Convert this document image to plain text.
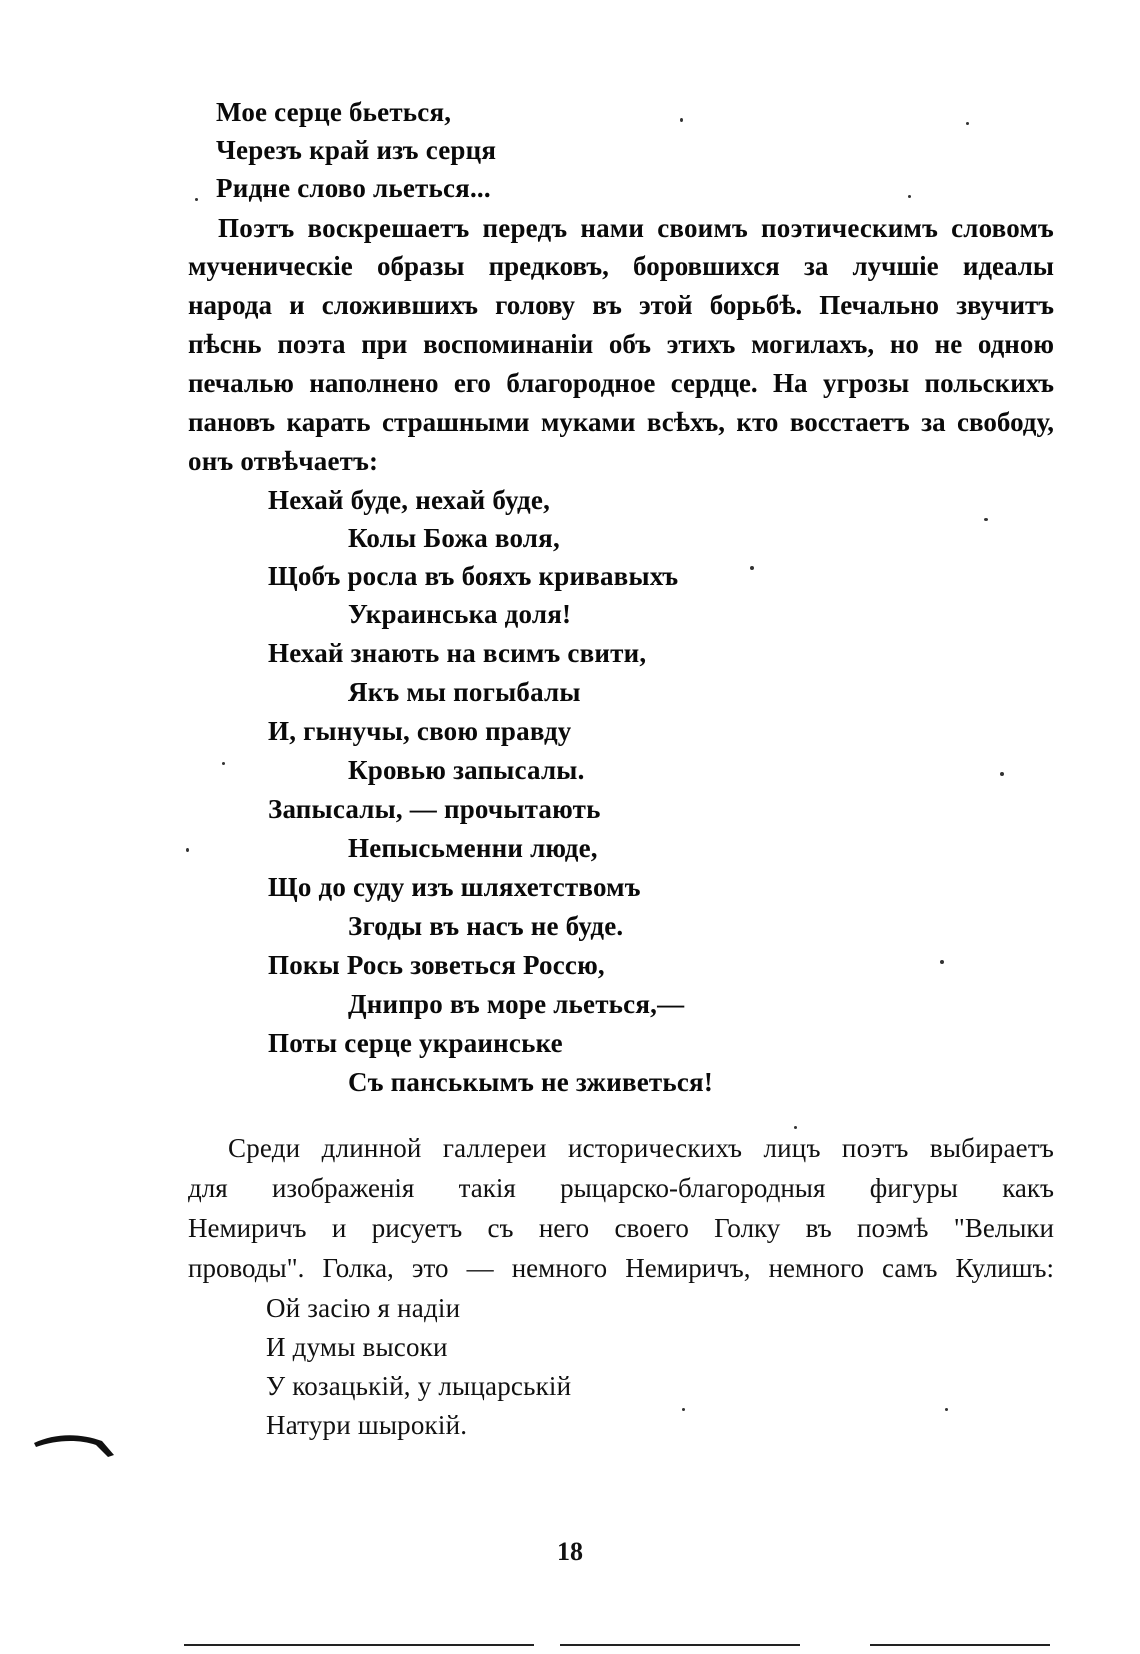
Мое серце бьеться,
Черезъ край изъ серця
Ридне слово льеться...
Поэтъ воскрешаетъ передъ нами своимъ поэтическимъ словомъ
мученическіе образы предковъ, боровшихся за лучшіе идеалы
народа и сложившихъ голову въ этой борьбѣ. Печально звучитъ
пѣснь поэта при воспоминаніи объ этихъ могилахъ, но не одною
печалью наполнено его благородное сердце. На угрозы польскихъ
пановъ карать страшными муками всѣхъ, кто восстаетъ за свободу,
онъ отвѣчаетъ:
Нехай буде, нехай буде,
Колы Божа воля,
Щобъ росла въ бояхъ кривавыхъ
Украинська доля!
Нехай знають на всимъ свити,
Якъ мы погыбалы
И, гынучы, свою правду
Кровью запысалы.
Запысалы, — прочытають
Непысьменни люде,
Що до суду изъ шляхетствомъ
Згоды въ насъ не буде.
Покы Рось зоветься Россю,
Днипро въ море льеться,—
Поты серце украинське
Съ панськымъ не зживеться!
Среди длинной галлереи историческихъ лицъ поэтъ выбираетъ
для изображенія такія рыцарско-благородныя фигуры какъ
Немиричъ и рисуетъ съ него своего Голку въ поэмѣ "Велыки
проводы". Голка, это — немного Немиричъ, немного самъ Кулишъ:
Ой засію я надіи
И думы высоки
У козацькій, у лыцарській
Натури шырокій.
18
